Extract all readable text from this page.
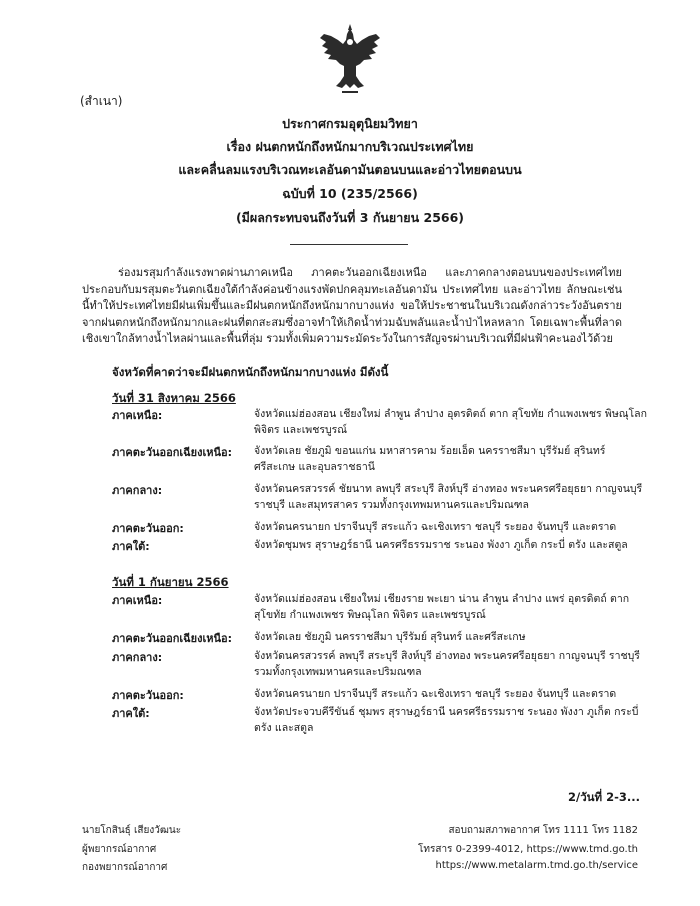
(สำเนา)
ประกาศกรมอุตุนิยมวิทยา
เรื่อง ฝนตกหนักถึงหนักมากบริเวณประเทศไทย
และคลื่นลมแรงบริเวณทะเลอันดามันตอนบนและอ่าวไทยตอนบน
ฉบับที่ 10 (235/2566)
(มีผลกระทบจนถึงวันที่ 3 กันยายน 2566)
ร่องมรสุมกำลังแรงพาดผ่านภาคเหนือ ภาคตะวันออกเฉียงเหนือ และภาคกลางตอนบนของประเทศไทย ประกอบกับมรสุมตะวันตกเฉียงใต้กำลังค่อนข้างแรงพัดปกคลุมทะเลอันดามัน ประเทศไทย และอ่าวไทย ลักษณะเช่นนี้ทำให้ประเทศไทยมีฝนเพิ่มขึ้นและมีฝนตกหนักถึงหนักมากบางแห่ง ขอให้ประชาชนในบริเวณดังกล่าวระวังอันตรายจากฝนตกหนักถึงหนักมากและฝนที่ตกสะสมซึ่งอาจทำให้เกิดน้ำท่วมฉับพลันและน้ำป่าไหลหลาก โดยเฉพาะพื้นที่ลาดเชิงเขาใกล้ทางน้ำไหลผ่านและพื้นที่ลุ่ม รวมทั้งเพิ่มความระมัดระวังในการสัญจรผ่านบริเวณที่มีฝนฟ้าคะนองไว้ด้วย
จังหวัดที่คาดว่าจะมีฝนตกหนักถึงหนักมากบางแห่ง มีดังนี้
วันที่ 31 สิงหาคม 2566
ภาคเหนือ:	จังหวัดแม่ฮ่องสอน เชียงใหม่ ลำพูน ลำปาง อุตรดิตถ์ ตาก สุโขทัย กำแพงเพชร พิษณุโลก พิจิตร และเพชรบูรณ์
ภาคตะวันออกเฉียงเหนือ: จังหวัดเลย ชัยภูมิ ขอนแก่น มหาสารคาม ร้อยเอ็ด นครราชสีมา บุรีรัมย์ สุรินทร์ ศรีสะเกษ และอุบลราชธานี
ภาคกลาง:	จังหวัดนครสวรรค์ ชัยนาท ลพบุรี สระบุรี สิงห์บุรี อ่างทอง พระนครศรีอยุธยา กาญจนบุรี ราชบุรี และสมุทรสาคร รวมทั้งกรุงเทพมหานครและปริมณฑล
ภาคตะวันออก:	จังหวัดนครนายก ปราจีนบุรี สระแก้ว ฉะเชิงเทรา ชลบุรี ระยอง จันทบุรี และตราด
ภาคใต้:	จังหวัดชุมพร สุราษฎร์ธานี นครศรีธรรมราช ระนอง พังงา ภูเก็ต กระบี่ ตรัง และสตูล
วันที่ 1 กันยายน 2566
ภาคเหนือ:	จังหวัดแม่ฮ่องสอน เชียงใหม่ เชียงราย พะเยา น่าน ลำพูน ลำปาง แพร่ อุตรดิตถ์ ตาก สุโขทัย กำแพงเพชร พิษณุโลก พิจิตร และเพชรบูรณ์
ภาคตะวันออกเฉียงเหนือ: จังหวัดเลย ชัยภูมิ นครราชสีมา บุรีรัมย์ สุรินทร์ และศรีสะเกษ
ภาคกลาง:	จังหวัดนครสวรรค์ ลพบุรี สระบุรี สิงห์บุรี อ่างทอง พระนครศรีอยุธยา กาญจนบุรี ราชบุรี รวมทั้งกรุงเทพมหานครและปริมณฑล
ภาคตะวันออก:	จังหวัดนครนายก ปราจีนบุรี สระแก้ว ฉะเชิงเทรา ชลบุรี ระยอง จันทบุรี และตราด
ภาคใต้:	จังหวัดประจวบคีรีขันธ์ ชุมพร สุราษฎร์ธานี นครศรีธรรมราช ระนอง พังงา ภูเก็ต กระบี่ ตรัง และสตูล
2/วันที่ 2-3...
นายโกสินธุ์ เสียงวัฒนะ
ผู้พยากรณ์อากาศ
กองพยากรณ์อากาศ
สอบถามสภาพอากาศ โทร 1111 โทร 1182
โทรสาร 0-2399-4012, https://www.tmd.go.th
https://www.metalarm.tmd.go.th/service
